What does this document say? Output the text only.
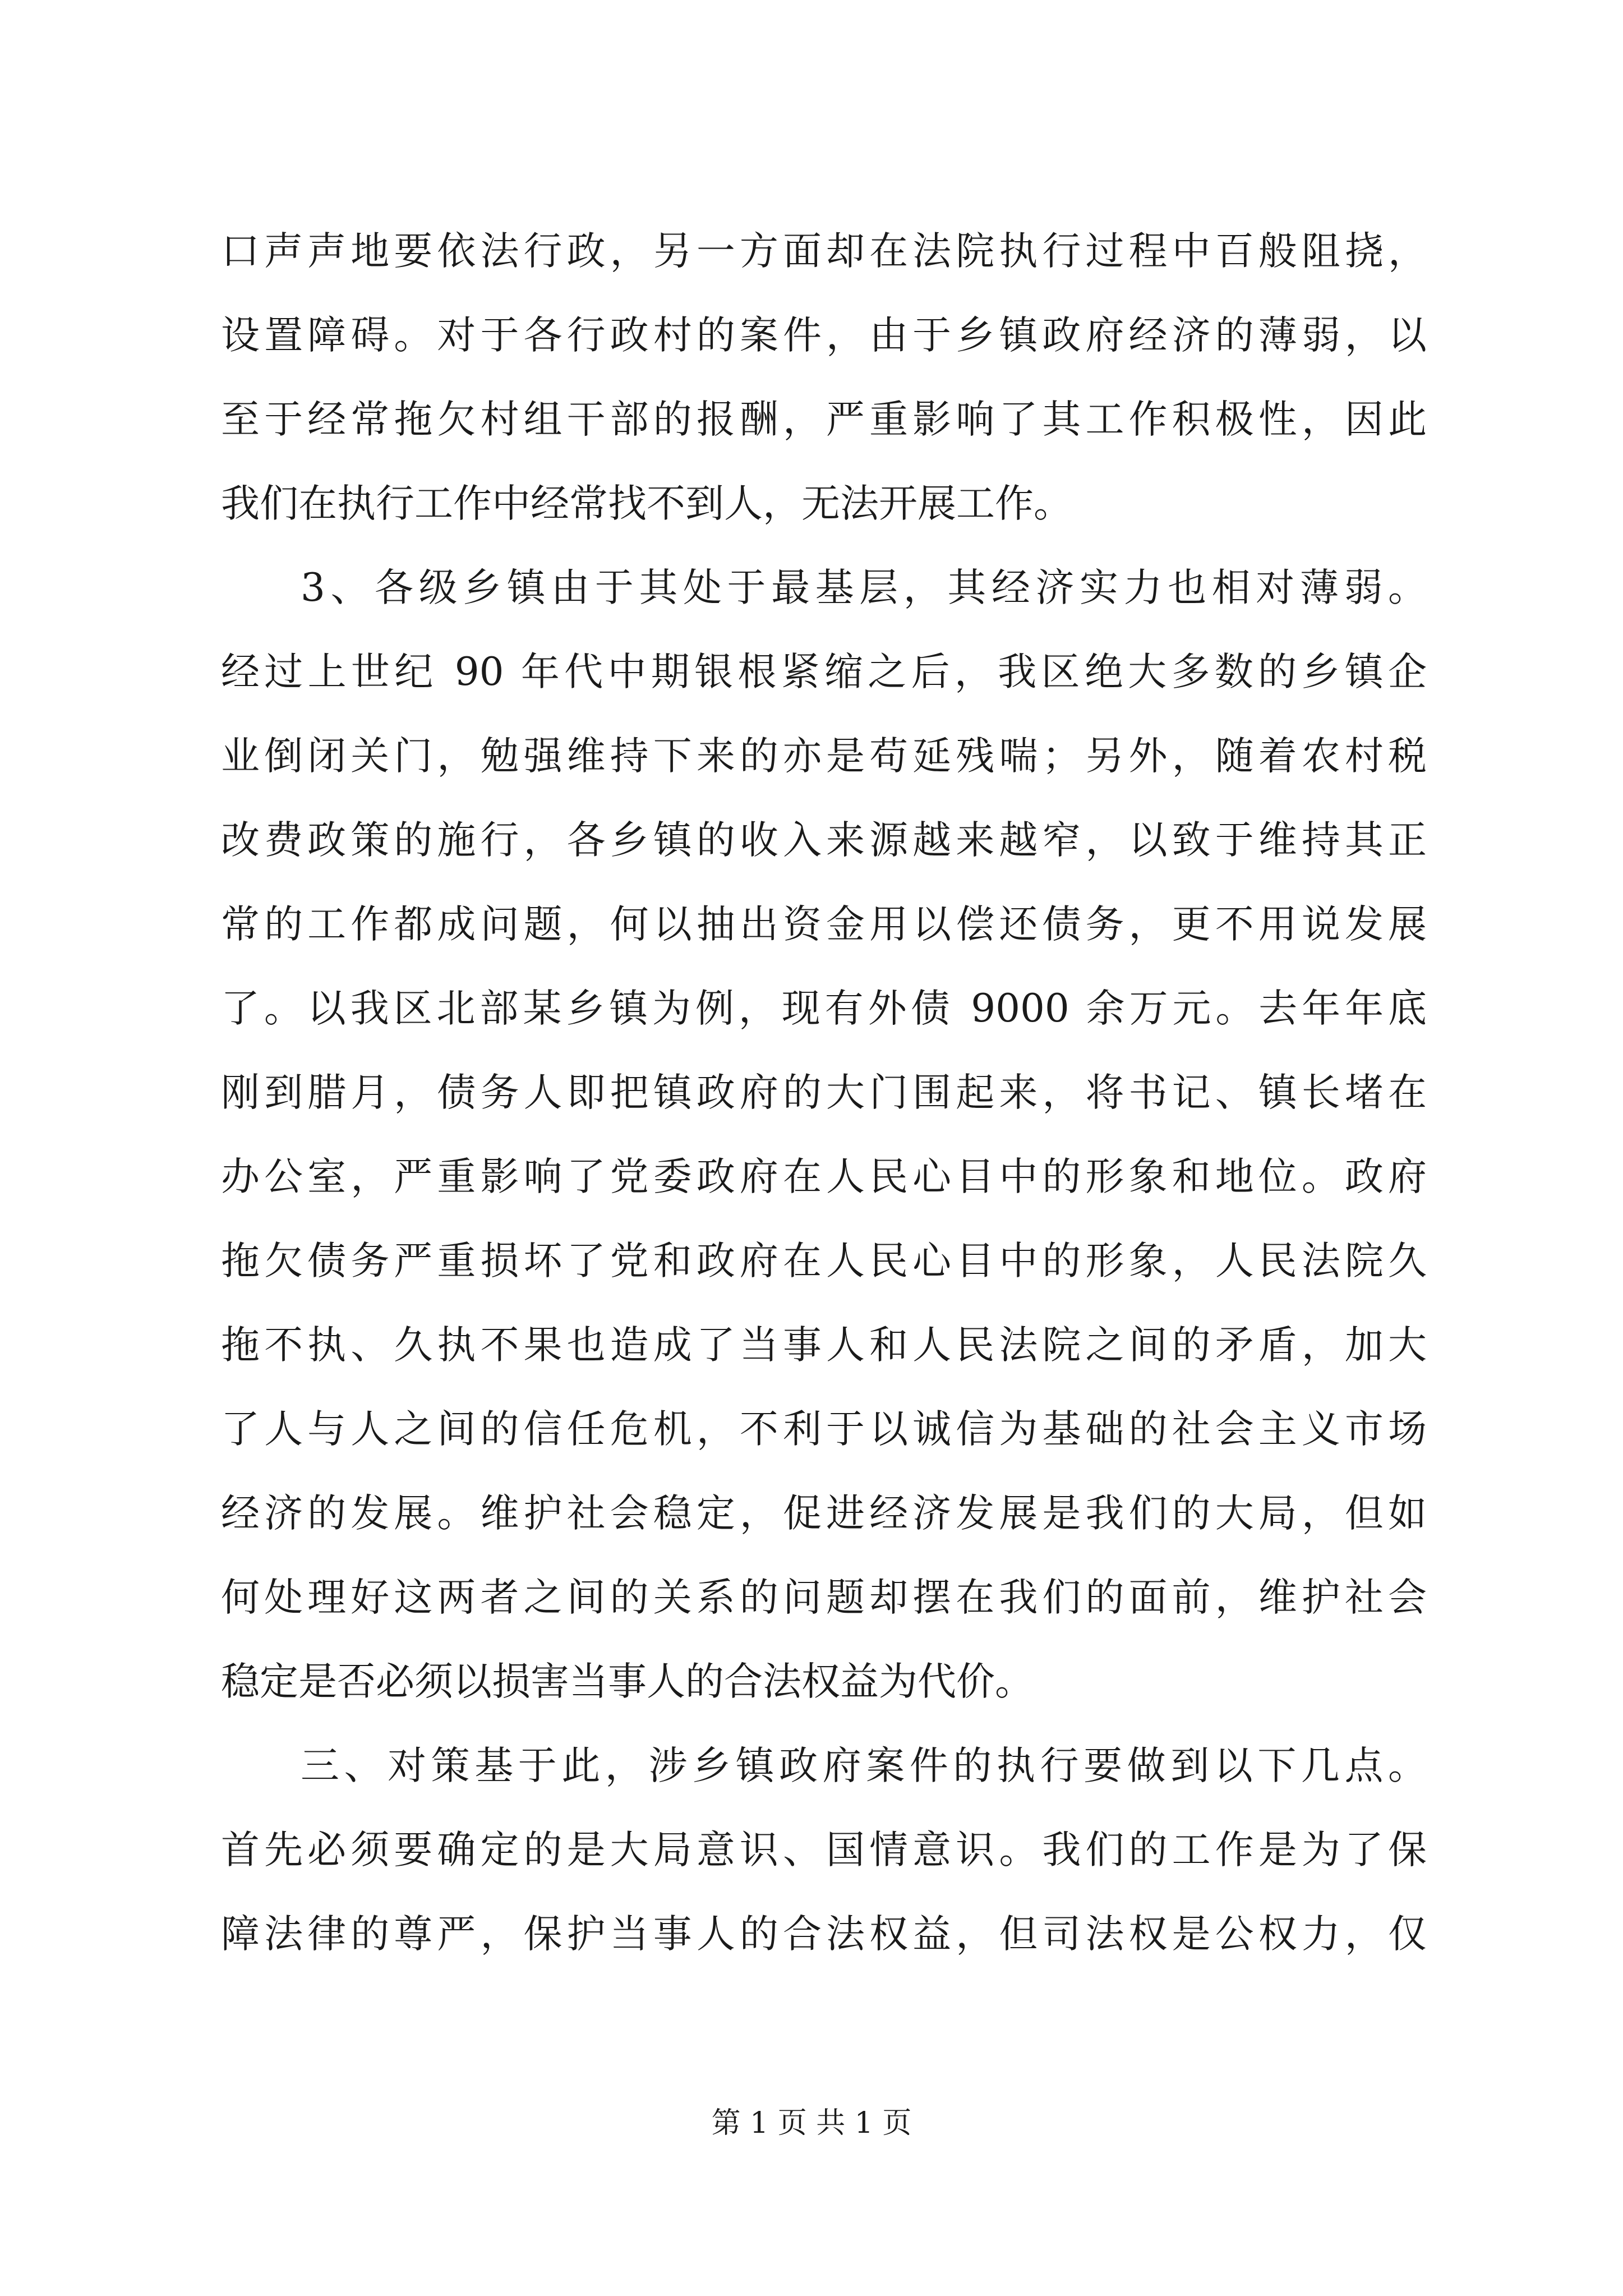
口声声地要依法行政，另一方面却在法院执行过程中百般阻挠，
设置障碍。对于各行政村的案件，由于乡镇政府经济的薄弱，以
至于经常拖欠村组干部的报酬，严重影响了其工作积极性，因此
我们在执行工作中经常找不到人，无法开展工作。
3、各级乡镇由于其处于最基层，其经济实力也相对薄弱。
经过上世纪 90 年代中期银根紧缩之后，我区绝大多数的乡镇企
业倒闭关门，勉强维持下来的亦是苟延残喘；另外，随着农村税
改费政策的施行，各乡镇的收入来源越来越窄，以致于维持其正
常的工作都成问题，何以抽出资金用以偿还债务，更不用说发展
了。以我区北部某乡镇为例，现有外债 9000 余万元。去年年底
刚到腊月，债务人即把镇政府的大门围起来，将书记、镇长堵在
办公室，严重影响了党委政府在人民心目中的形象和地位。政府
拖欠债务严重损坏了党和政府在人民心目中的形象，人民法院久
拖不执、久执不果也造成了当事人和人民法院之间的矛盾，加大
了人与人之间的信任危机，不利于以诚信为基础的社会主义市场
经济的发展。维护社会稳定，促进经济发展是我们的大局，但如
何处理好这两者之间的关系的问题却摆在我们的面前，维护社会
稳定是否必须以损害当事人的合法权益为代价。
三、对策基于此，涉乡镇政府案件的执行要做到以下几点。
首先必须要确定的是大局意识、国情意识。我们的工作是为了保
障法律的尊严，保护当事人的合法权益，但司法权是公权力，仅
第 1 页 共 1 页
